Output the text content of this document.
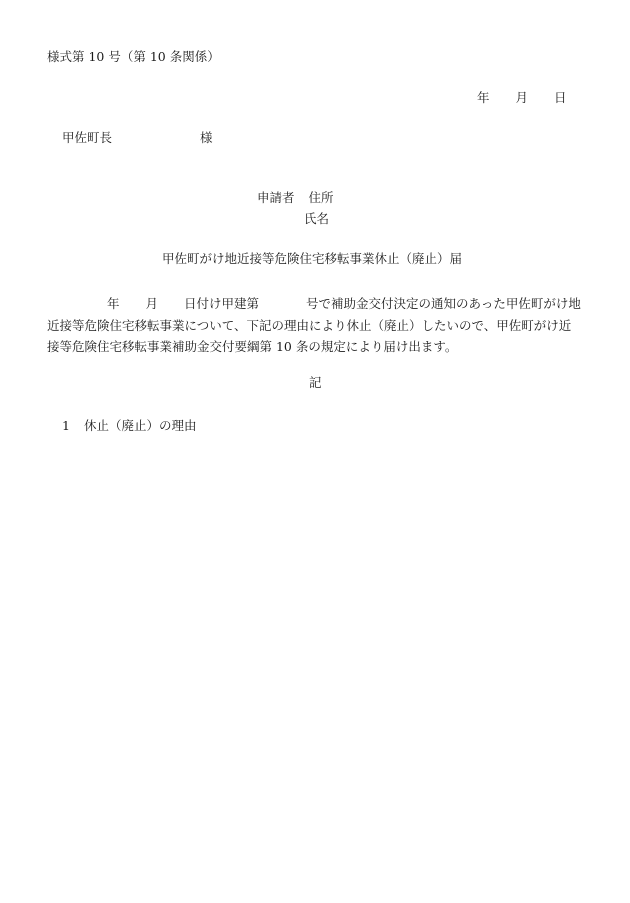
様式第 10 号（第 10 条関係）
年 月 日
甲佐町長	様
申請者 住所
氏名
甲佐町がけ地近接等危険住宅移転事業休止（廃止）届
年 月 日付け甲建第	号で補助金交付決定の通知のあった甲佐町がけ地
近接等危険住宅移転事業について、下記の理由により休止（廃止）したいので、甲佐町がけ近
接等危険住宅移転事業補助金交付要綱第 10 条の規定により届け出ます。
記
1 休止（廃止）の理由
